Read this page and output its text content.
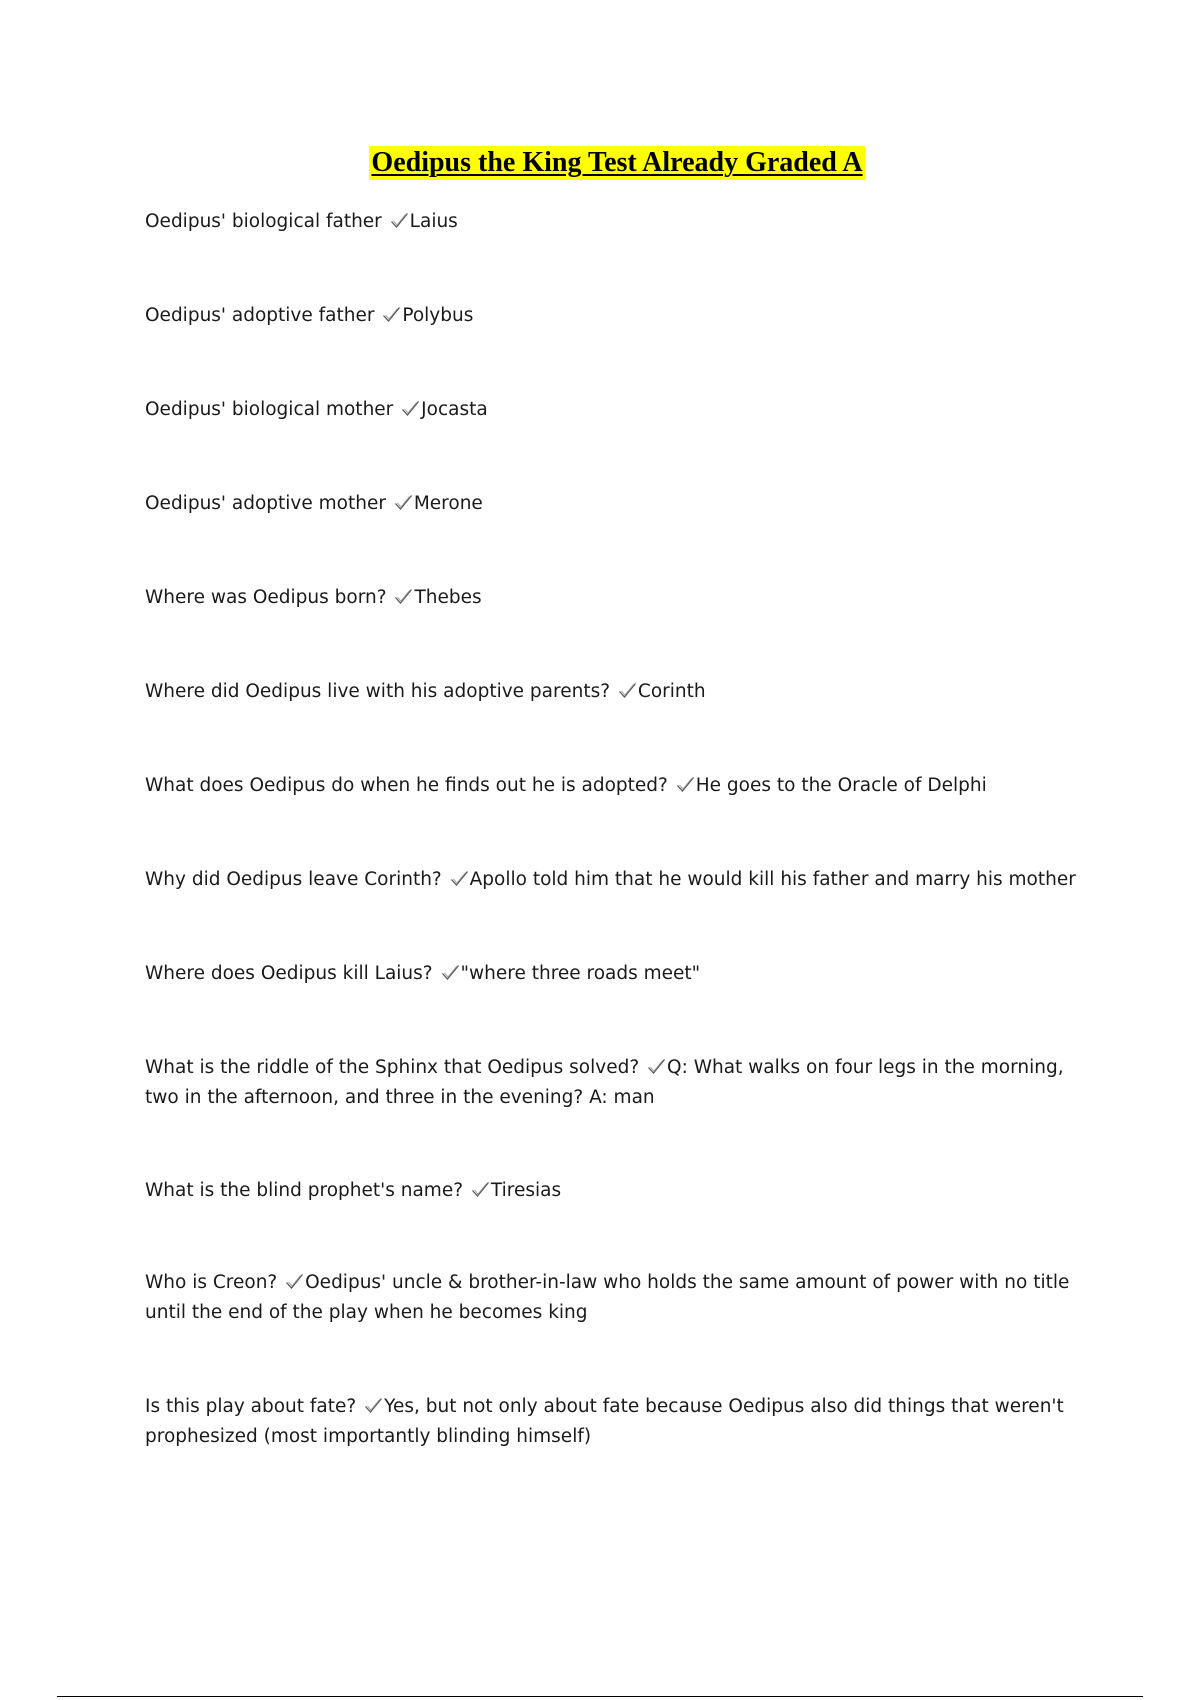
Oedipus the King Test Already Graded A

Oedipus' biological father Laius

Oedipus' adoptive father Polybus

Oedipus' biological mother Jocasta

Oedipus' adoptive mother Merone

Where was Oedipus born? Thebes

Where did Oedipus live with his adoptive parents? Corinth

What does Oedipus do when he finds out he is adopted? He goes to the Oracle of Delphi

Why did Oedipus leave Corinth? Apollo told him that he would kill his father and marry his mother

Where does Oedipus kill Laius? "where three roads meet"

What is the riddle of the Sphinx that Oedipus solved? Q: What walks on four legs in the morning, two in the afternoon, and three in the evening? A: man

What is the blind prophet's name? Tiresias

Who is Creon? Oedipus' uncle & brother-in-law who holds the same amount of power with no title until the end of the play when he becomes king

Is this play about fate? Yes, but not only about fate because Oedipus also did things that weren't prophesized (most importantly blinding himself)
